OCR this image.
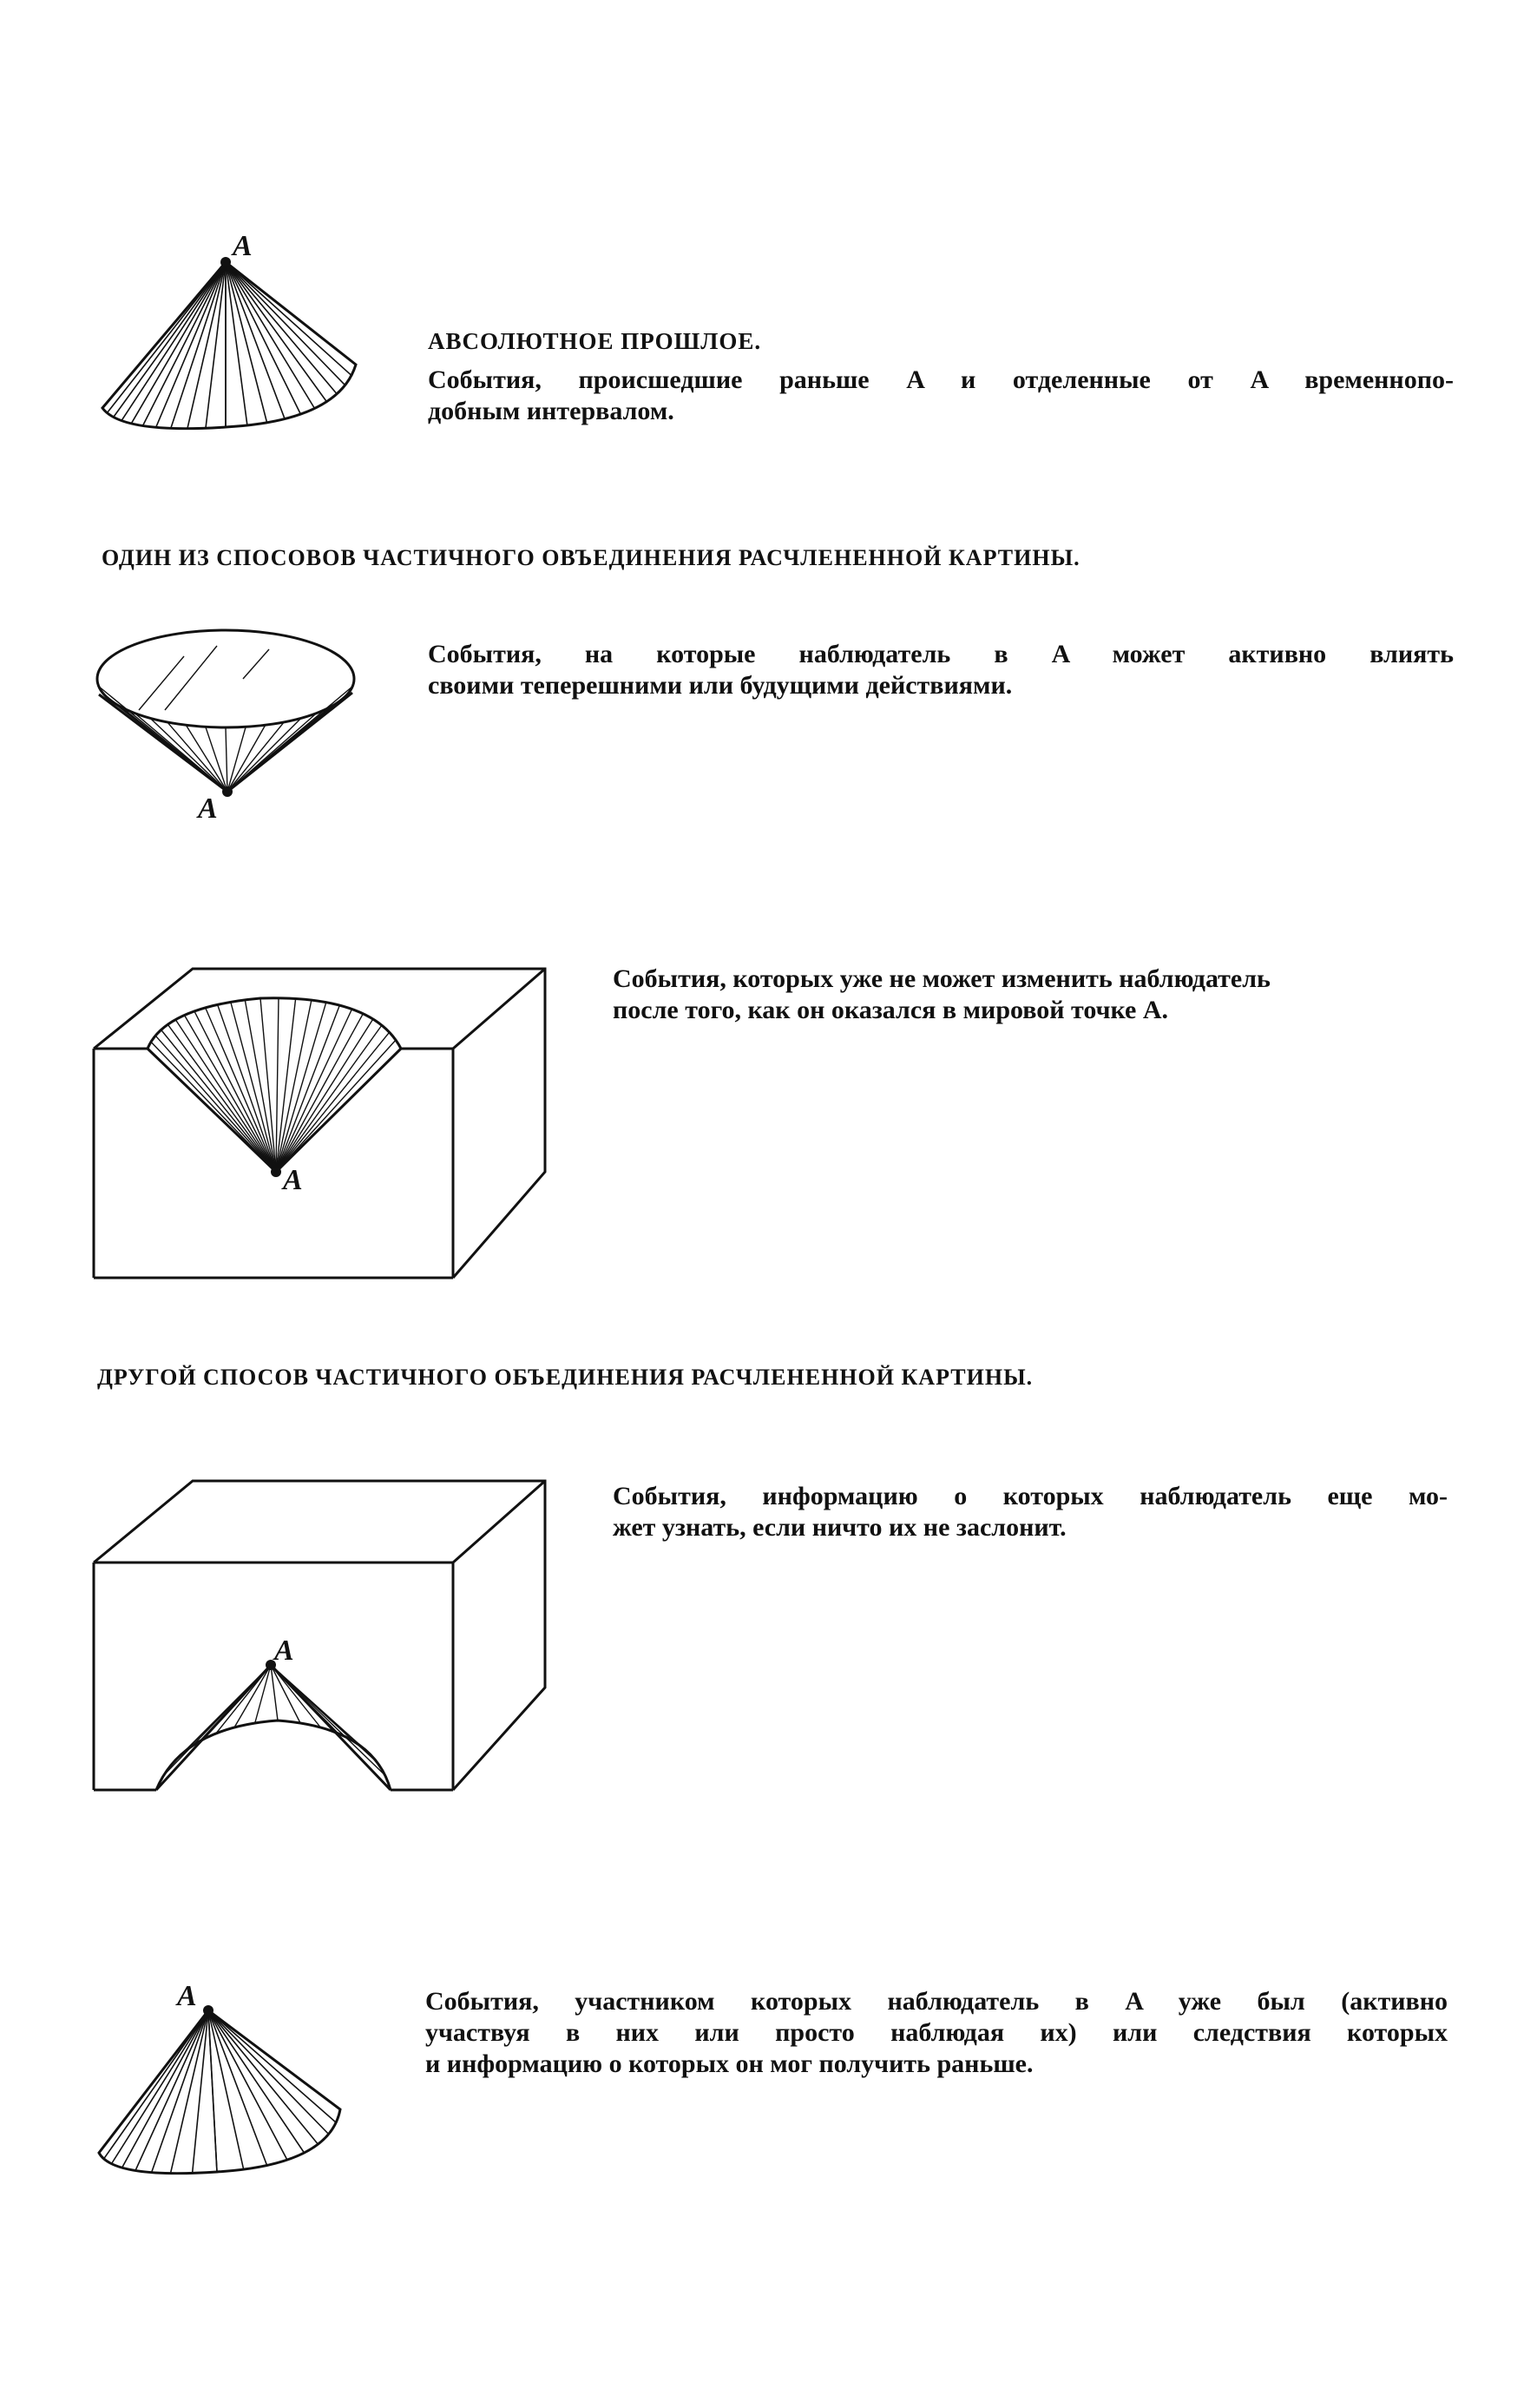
A
АВСОЛЮТНОЕ ПРОШЛОЕ.
События, происшедшие раньше A и отделенные от A временнопо-
добным интервалом.
ОДИН ИЗ СПОСОВОВ ЧАСТИЧНОГО ОВЪЕДИНЕНИЯ РАСЧЛЕНЕННОЙ КАРТИНЫ.
A
События, на которые наблюдатель в A может активно влиять
своими теперешними или будущими действиями.
A
События, которых уже не может изменить наблюдатель
после того, как он оказался в мировой точке A.
ДРУГОЙ СПОСОВ ЧАСТИЧНОГО ОБЪЕДИНЕНИЯ РАСЧЛЕНЕННОЙ КАРТИНЫ.
A
События, информацию о которых наблюдатель еще мо-
жет узнать, если ничто их не заслонит.
A	События, участником которых наблюдатель в A уже был (активно
участвуя в них или просто наблюдая их) или следствия которых
и информацию о которых он мог получить раньше.
